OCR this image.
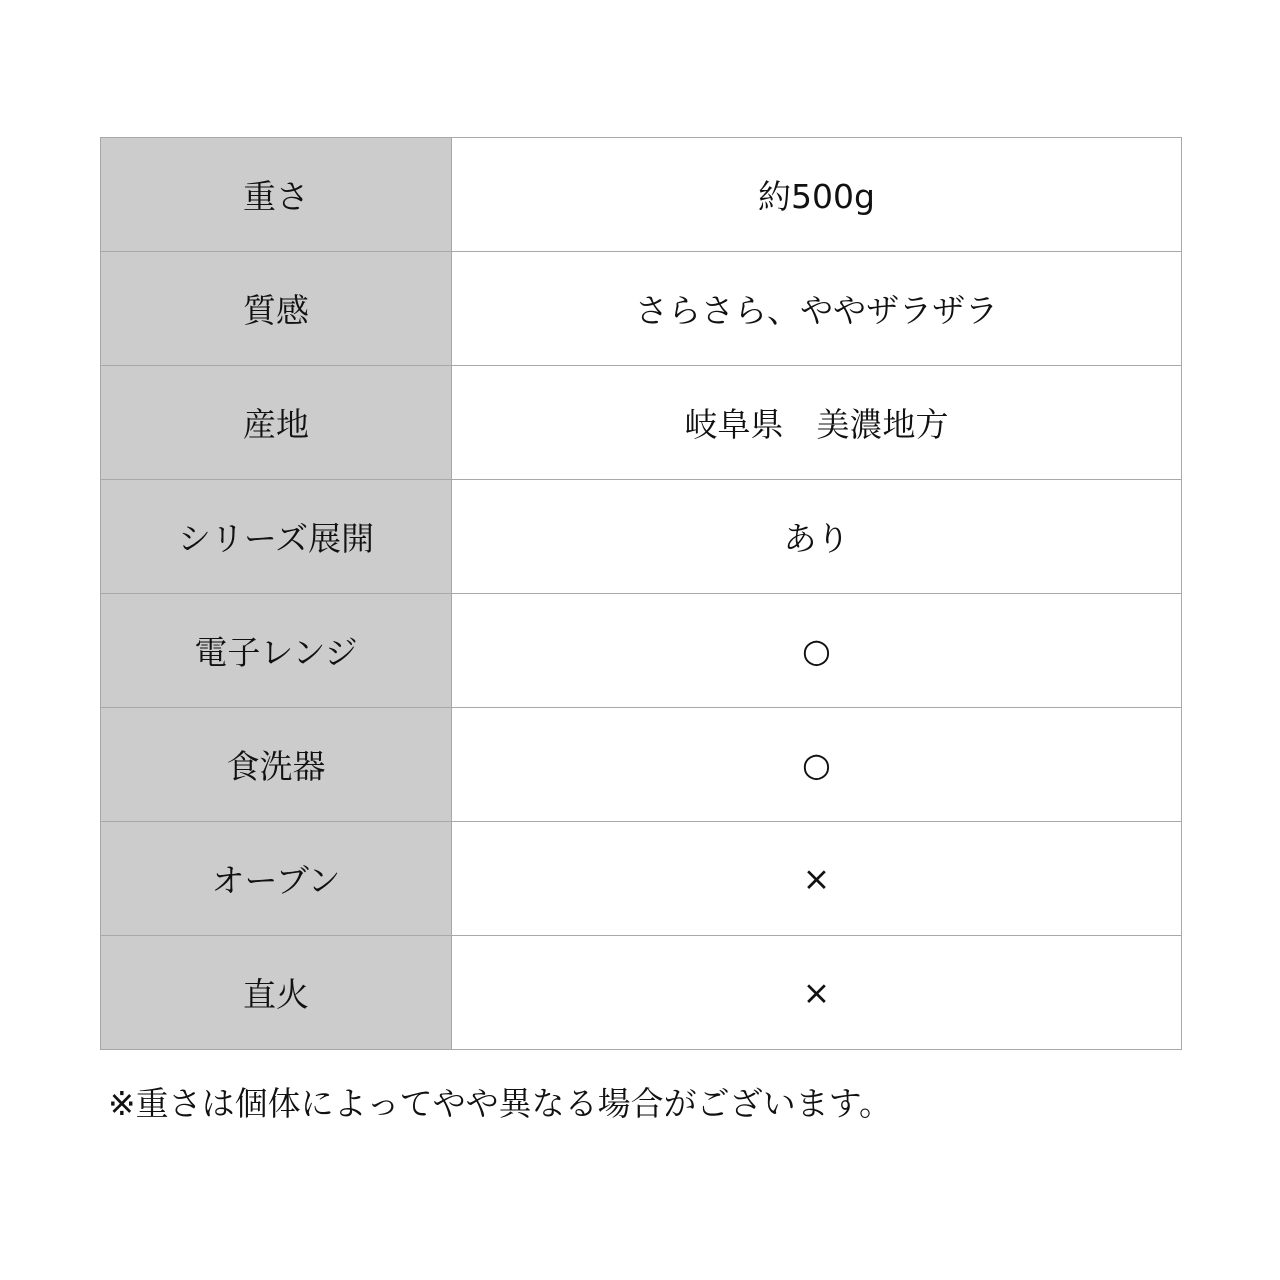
重さ	約500g
質感	さらさら、ややザラザラ
産地	岐阜県　美濃地方
シリーズ展開	あり
電子レンジ	○
食洗器	○
オーブン	×
直火	×
※重さは個体によってやや異なる場合がございます。
